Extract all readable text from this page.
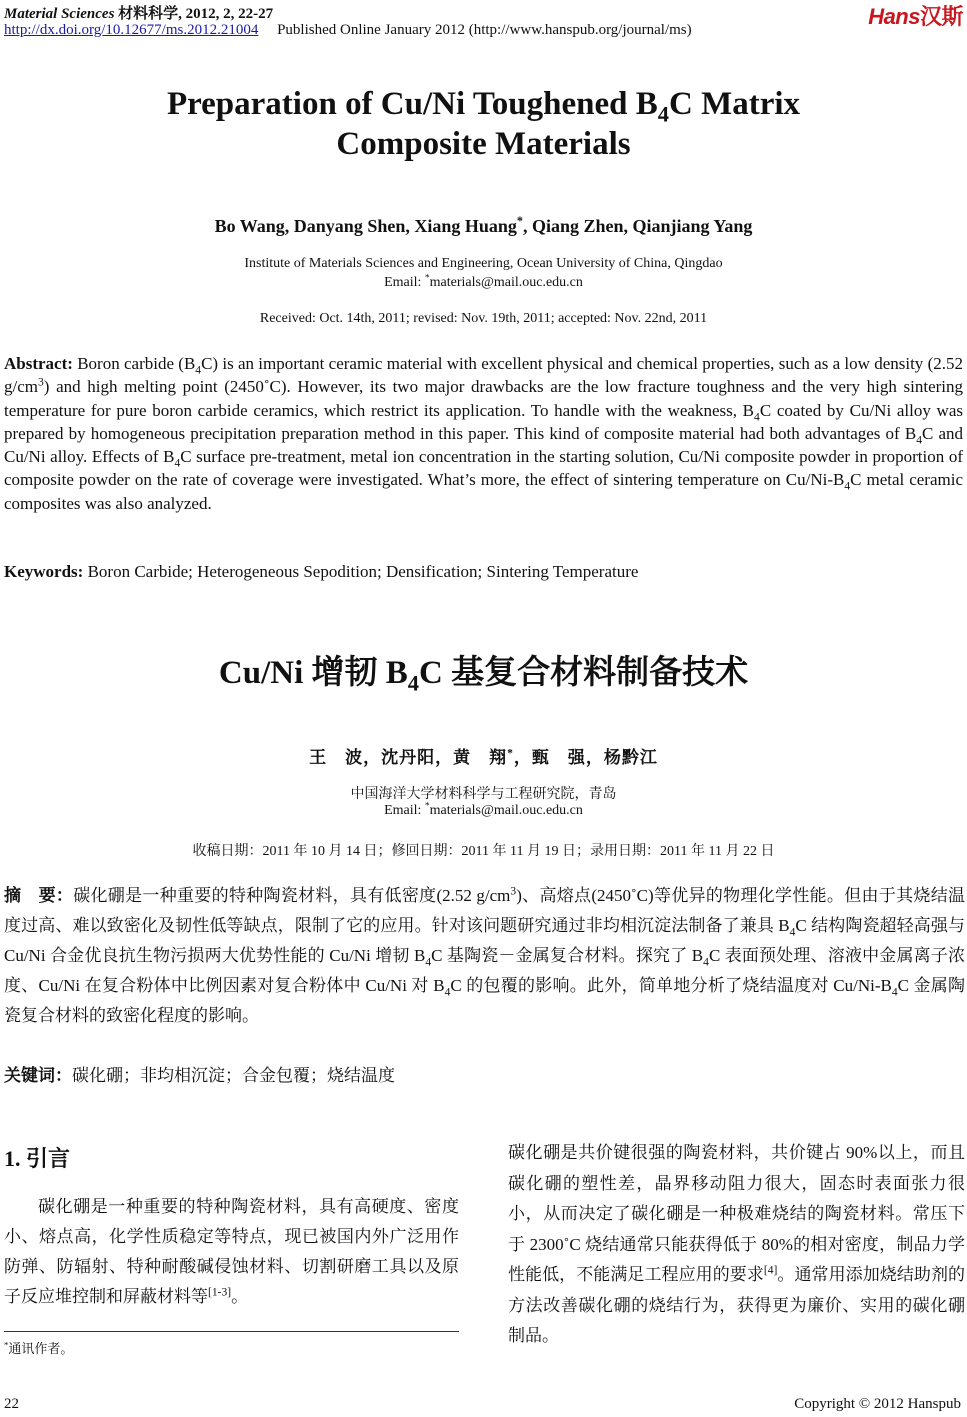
Material Sciences 材料科学, 2012, 2, 22-27
http://dx.doi.org/10.12677/ms.2012.21004 Published Online January 2012 (http://www.hanspub.org/journal/ms)
Hans汉斯
Preparation of Cu/Ni Toughened $B_4C$ Matrix
Composite Materials
Bo Wang, Danyang Shen, Xiang Huang*, Qiang Zhen, Qianjiang Yang
Institute of Materials Sciences and Engineering, Ocean University of China, Qingdao
Email: *materials@mail.ouc.edu.cn
Received: Oct. 14th, 2011; revised: Nov. 19th, 2011; accepted: Nov. 22nd, 2011
Abstract: Boron carbide $(B_4C)$ is an important ceramic material with excellent physical and chemical properties, such as a low density (2.52 $g/cm^3$) and high melting point (2450˚C). However, its two major drawbacks are the low fracture toughness and the very high sintering temperature for pure boron carbide ceramics, which restrict its application. To handle with the weakness, $B_4C$ coated by Cu/Ni alloy was prepared by homogeneous precipitation preparation method in this paper. This kind of composite material had both advantages of $B_4C$ and Cu/Ni alloy. Effects of $B_4C$ surface pre-treatment, metal ion concentration in the starting solution, Cu/Ni composite powder in proportion of composite powder on the rate of coverage were investigated. What’s more, the effect of sintering temperature on $Cu/Ni-B_4C$ metal ceramic composites was also analyzed.
Keywords: Boron Carbide; Heterogeneous Sepodition; Densification; Sintering Temperature
Cu/Ni 增韧 $B_4C$ 基复合材料制备技术
王　波，沈丹阳，黄　翔*，甄　强，杨黔江
中国海洋大学材料科学与工程研究院，青岛
Email: *materials@mail.ouc.edu.cn
收稿日期：2011 年 10 月 14 日；修回日期：2011 年 11 月 19 日；录用日期：2011 年 11 月 22 日
摘　要：碳化硼是一种重要的特种陶瓷材料，具有低密度(2.52 $g/cm^3$)、高熔点(2450˚C)等优异的物理化学性能。但由于其烧结温度过高、难以致密化及韧性低等缺点，限制了它的应用。针对该问题研究通过非均相沉淀法制备了兼具 $B_4C$ 结构陶瓷超轻高强与 Cu/Ni 合金优良抗生物污损两大优势性能的 Cu/Ni 增韧 $B_4C$ 基陶瓷－金属复合材料。探究了 $B_4C$ 表面预处理、溶液中金属离子浓度、Cu/Ni 在复合粉体中比例因素对复合粉体中 Cu/Ni 对 $B_4C$ 的包覆的影响。此外，简单地分析了烧结温度对 $Cu/Ni-B_4C$ 金属陶瓷复合材料的致密化程度的影响。
关键词：碳化硼；非均相沉淀；合金包覆；烧结温度
1. 引言
碳化硼是一种重要的特种陶瓷材料，具有高硬度、密度小、熔点高，化学性质稳定等特点，现已被国内外广泛用作防弹、防辐射、特种耐酸碱侵蚀材料、切割研磨工具以及原子反应堆控制和屏蔽材料等[1-3]。
碳化硼是共价键很强的陶瓷材料，共价键占 90%以上，而且碳化硼的塑性差，晶界移动阻力很大，固态时表面张力很小，从而决定了碳化硼是一种极难烧结的陶瓷材料。常压下于 2300˚C 烧结通常只能获得低于 80%的相对密度，制品力学性能低，不能满足工程应用的要求[4]。通常用添加烧结助剂的方法改善碳化硼的烧结行为，获得更为廉价、实用的碳化硼制品。
*通讯作者。
22	Copyright © 2012 Hanspub
